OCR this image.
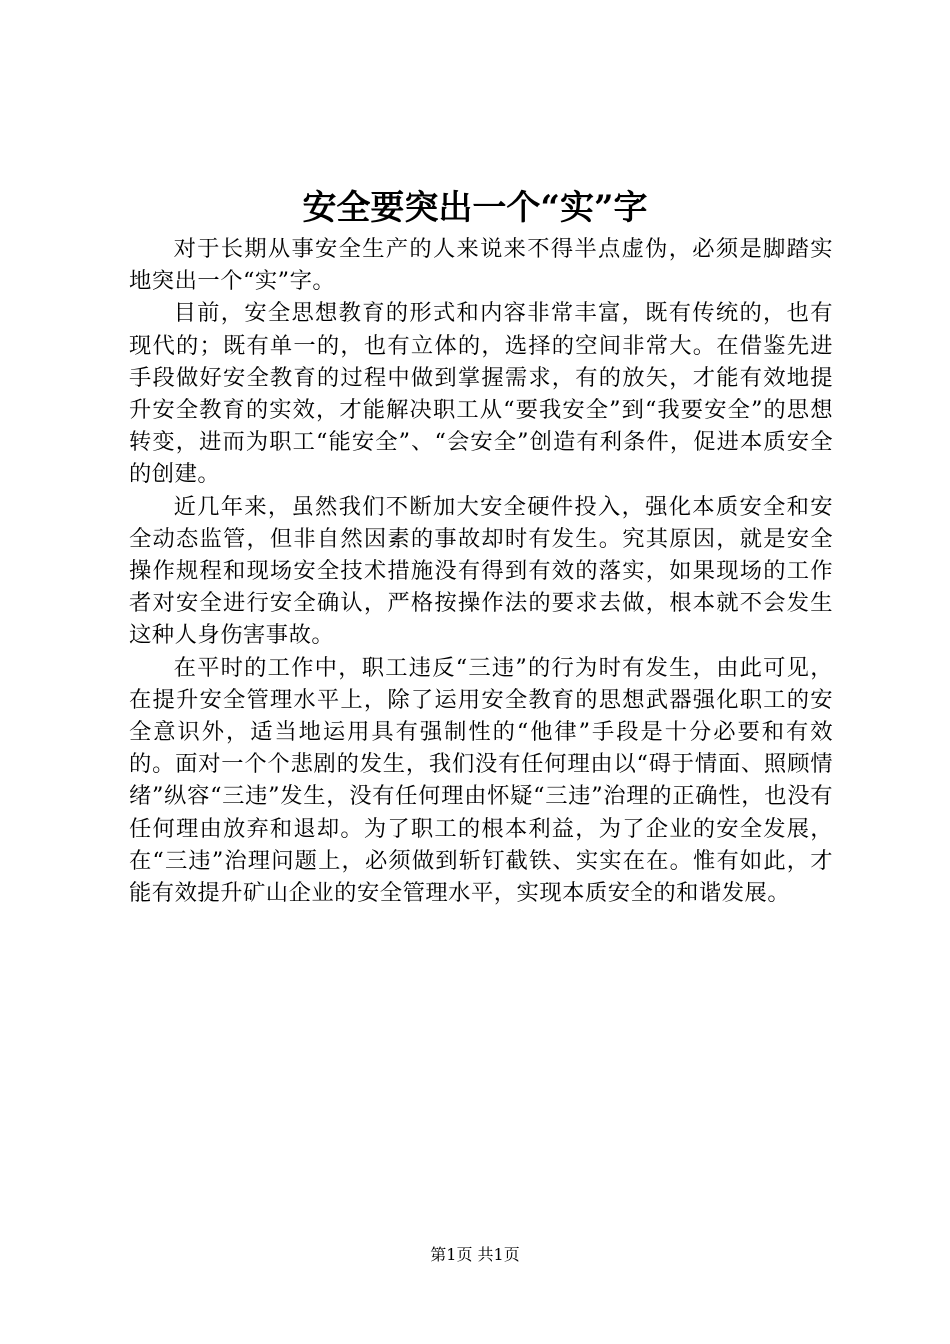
安全要突出一个“实”字

对于长期从事安全生产的人来说来不得半点虚伪，必须是脚踏实地突出一个“实”字。

目前，安全思想教育的形式和内容非常丰富，既有传统的，也有现代的；既有单一的，也有立体的，选择的空间非常大。在借鉴先进手段做好安全教育的过程中做到掌握需求，有的放矢，才能有效地提升安全教育的实效，才能解决职工从“要我安全”到“我要安全”的思想转变，进而为职工“能安全”、“会安全”创造有利条件，促进本质安全的创建。

近几年来，虽然我们不断加大安全硬件投入，强化本质安全和安全动态监管，但非自然因素的事故却时有发生。究其原因，就是安全操作规程和现场安全技术措施没有得到有效的落实，如果现场的工作者对安全进行安全确认，严格按操作法的要求去做，根本就不会发生这种人身伤害事故。

在平时的工作中，职工违反“三违”的行为时有发生，由此可见，在提升安全管理水平上，除了运用安全教育的思想武器强化职工的安全意识外，适当地运用具有强制性的“他律”手段是十分必要和有效的。面对一个个悲剧的发生，我们没有任何理由以“碍于情面、照顾情绪”纵容“三违”发生，没有任何理由怀疑“三违”治理的正确性，也没有任何理由放弃和退却。为了职工的根本利益，为了企业的安全发展，在“三违”治理问题上，必须做到斩钉截铁、实实在在。惟有如此，才能有效提升矿山企业的安全管理水平，实现本质安全的和谐发展。

第1页 共1页
